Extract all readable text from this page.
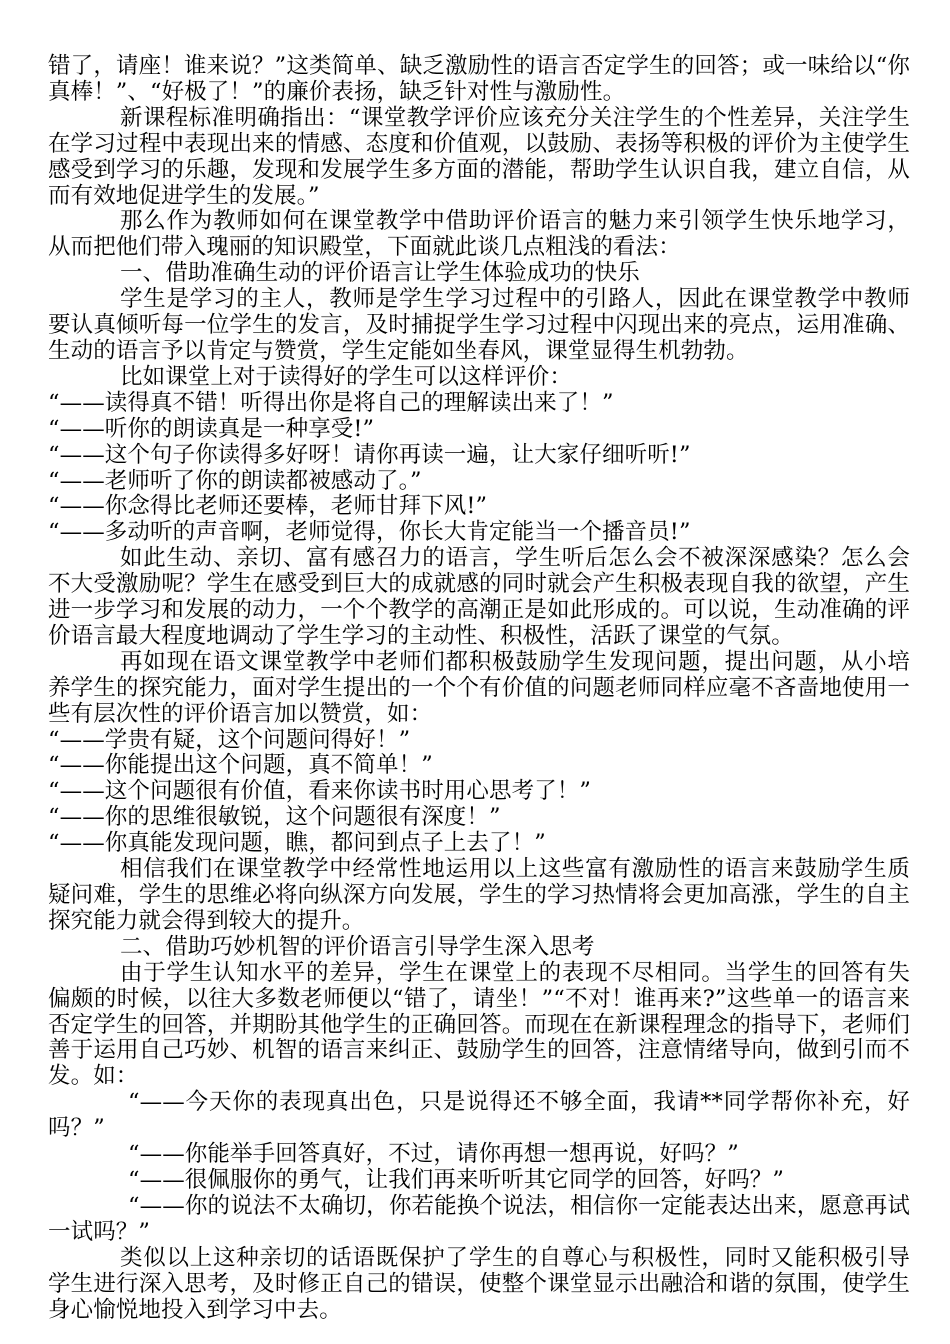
错了，请座！谁来说？”这类简单、缺乏激励性的语言否定学生的回答；或一味给以“你真棒！”、“好极了！”的廉价表扬，缺乏针对性与激励性。

新课程标准明确指出：“课堂教学评价应该充分关注学生的个性差异，关注学生在学习过程中表现出来的情感、态度和价值观，以鼓励、表扬等积极的评价为主使学生感受到学习的乐趣，发现和发展学生多方面的潜能，帮助学生认识自我，建立自信，从而有效地促进学生的发展。”

那么作为教师如何在课堂教学中借助评价语言的魅力来引领学生快乐地学习，从而把他们带入瑰丽的知识殿堂，下面就此谈几点粗浅的看法：

一、借助准确生动的评价语言让学生体验成功的快乐

学生是学习的主人，教师是学生学习过程中的引路人，因此在课堂教学中教师要认真倾听每一位学生的发言，及时捕捉学生学习过程中闪现出来的亮点，运用准确、生动的语言予以肯定与赞赏，学生定能如坐春风，课堂显得生机勃勃。

比如课堂上对于读得好的学生可以这样评价：

“——读得真不错！听得出你是将自己的理解读出来了！”

“——听你的朗读真是一种享受!”

“——这个句子你读得多好呀！请你再读一遍，让大家仔细听听!”

“——老师听了你的朗读都被感动了。”

“——你念得比老师还要棒，老师甘拜下风!”

“——多动听的声音啊，老师觉得，你长大肯定能当一个播音员!”

如此生动、亲切、富有感召力的语言，学生听后怎么会不被深深感染？怎么会不大受激励呢？学生在感受到巨大的成就感的同时就会产生积极表现自我的欲望，产生进一步学习和发展的动力，一个个教学的高潮正是如此形成的。可以说，生动准确的评价语言最大程度地调动了学生学习的主动性、积极性，活跃了课堂的气氛。

再如现在语文课堂教学中老师们都积极鼓励学生发现问题，提出问题，从小培养学生的探究能力，面对学生提出的一个个有价值的问题老师同样应毫不吝啬地使用一些有层次性的评价语言加以赞赏，如：

“——学贵有疑，这个问题问得好！”

“——你能提出这个问题，真不简单！”

“——这个问题很有价值，看来你读书时用心思考了！”

“——你的思维很敏锐，这个问题很有深度！”

“——你真能发现问题，瞧，都问到点子上去了！”

相信我们在课堂教学中经常性地运用以上这些富有激励性的语言来鼓励学生质疑问难，学生的思维必将向纵深方向发展，学生的学习热情将会更加高涨，学生的自主探究能力就会得到较大的提升。

二、借助巧妙机智的评价语言引导学生深入思考

由于学生认知水平的差异，学生在课堂上的表现不尽相同。当学生的回答有失偏颇的时候，以往大多数老师便以“错了，请坐！”“不对！谁再来?”这些单一的语言来否定学生的回答，并期盼其他学生的正确回答。而现在在新课程理念的指导下，老师们善于运用自己巧妙、机智的语言来纠正、鼓励学生的回答，注意情绪导向，做到引而不发。如：

“——今天你的表现真出色，只是说得还不够全面，我请**同学帮你补充，好吗？”

“——你能举手回答真好，不过，请你再想一想再说，好吗？”

“——很佩服你的勇气，让我们再来听听其它同学的回答，好吗？”

“——你的说法不太确切，你若能换个说法，相信你一定能表达出来，愿意再试一试吗？”

类似以上这种亲切的话语既保护了学生的自尊心与积极性，同时又能积极引导学生进行深入思考，及时修正自己的错误，使整个课堂显示出融洽和谐的氛围，使学生身心愉悦地投入到学习中去。
